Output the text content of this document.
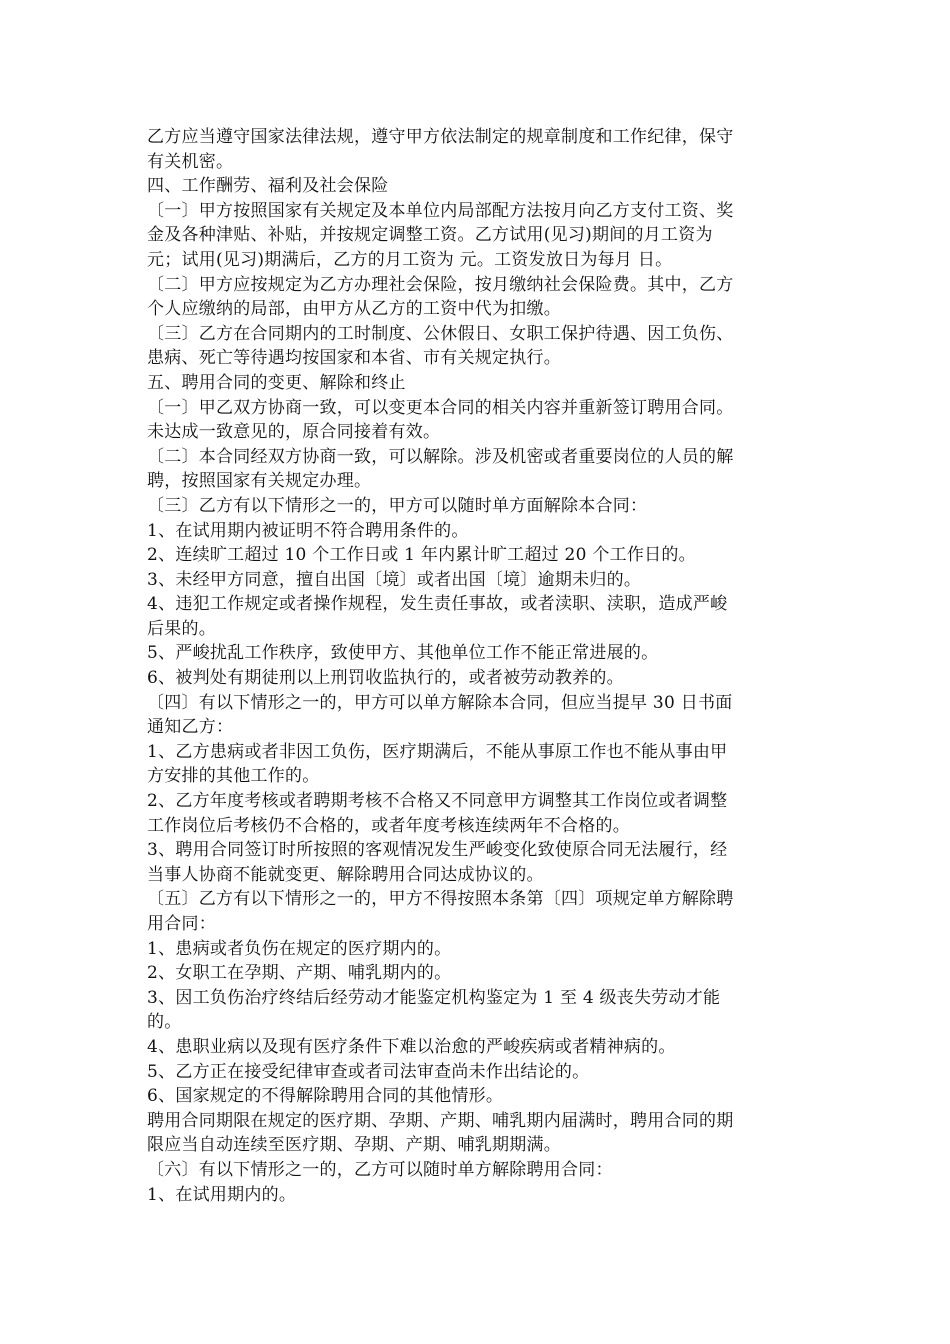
乙方应当遵守国家法律法规，遵守甲方依法制定的规章制度和工作纪律，保守
有关机密。
四、工作酬劳、福利及社会保险
〔一〕甲方按照国家有关规定及本单位内局部配方法按月向乙方支付工资、奖
金及各种津贴、补贴，并按规定调整工资。乙方试用(见习)期间的月工资为
元；试用(见习)期满后，乙方的月工资为 元。工资发放日为每月 日。
〔二〕甲方应按规定为乙方办理社会保险，按月缴纳社会保险费。其中，乙方
个人应缴纳的局部，由甲方从乙方的工资中代为扣缴。
〔三〕乙方在合同期内的工时制度、公休假日、女职工保护待遇、因工负伤、
患病、死亡等待遇均按国家和本省、市有关规定执行。
五、聘用合同的变更、解除和终止
〔一〕甲乙双方协商一致，可以变更本合同的相关内容并重新签订聘用合同。
未达成一致意见的，原合同接着有效。
〔二〕本合同经双方协商一致，可以解除。涉及机密或者重要岗位的人员的解
聘，按照国家有关规定办理。
〔三〕乙方有以下情形之一的，甲方可以随时单方面解除本合同：
1、在试用期内被证明不符合聘用条件的。
2、连续旷工超过 10 个工作日或 1 年内累计旷工超过 20 个工作日的。
3、未经甲方同意，擅自出国〔境〕或者出国〔境〕逾期未归的。
4、违犯工作规定或者操作规程，发生责任事故，或者渎职、渎职，造成严峻
后果的。
5、严峻扰乱工作秩序，致使甲方、其他单位工作不能正常进展的。
6、被判处有期徒刑以上刑罚收监执行的，或者被劳动教养的。
〔四〕有以下情形之一的，甲方可以单方解除本合同，但应当提早 30 日书面
通知乙方：
1、乙方患病或者非因工负伤，医疗期满后，不能从事原工作也不能从事由甲
方安排的其他工作的。
2、乙方年度考核或者聘期考核不合格又不同意甲方调整其工作岗位或者调整
工作岗位后考核仍不合格的，或者年度考核连续两年不合格的。
3、聘用合同签订时所按照的客观情况发生严峻变化致使原合同无法履行，经
当事人协商不能就变更、解除聘用合同达成协议的。
〔五〕乙方有以下情形之一的，甲方不得按照本条第〔四〕项规定单方解除聘
用合同：
1、患病或者负伤在规定的医疗期内的。
2、女职工在孕期、产期、哺乳期内的。
3、因工负伤治疗终结后经劳动才能鉴定机构鉴定为 1 至 4 级丧失劳动才能
的。
4、患职业病以及现有医疗条件下难以治愈的严峻疾病或者精神病的。
5、乙方正在接受纪律审查或者司法审查尚未作出结论的。
6、国家规定的不得解除聘用合同的其他情形。
聘用合同期限在规定的医疗期、孕期、产期、哺乳期内届满时，聘用合同的期
限应当自动连续至医疗期、孕期、产期、哺乳期期满。
〔六〕有以下情形之一的，乙方可以随时单方解除聘用合同：
1、在试用期内的。
